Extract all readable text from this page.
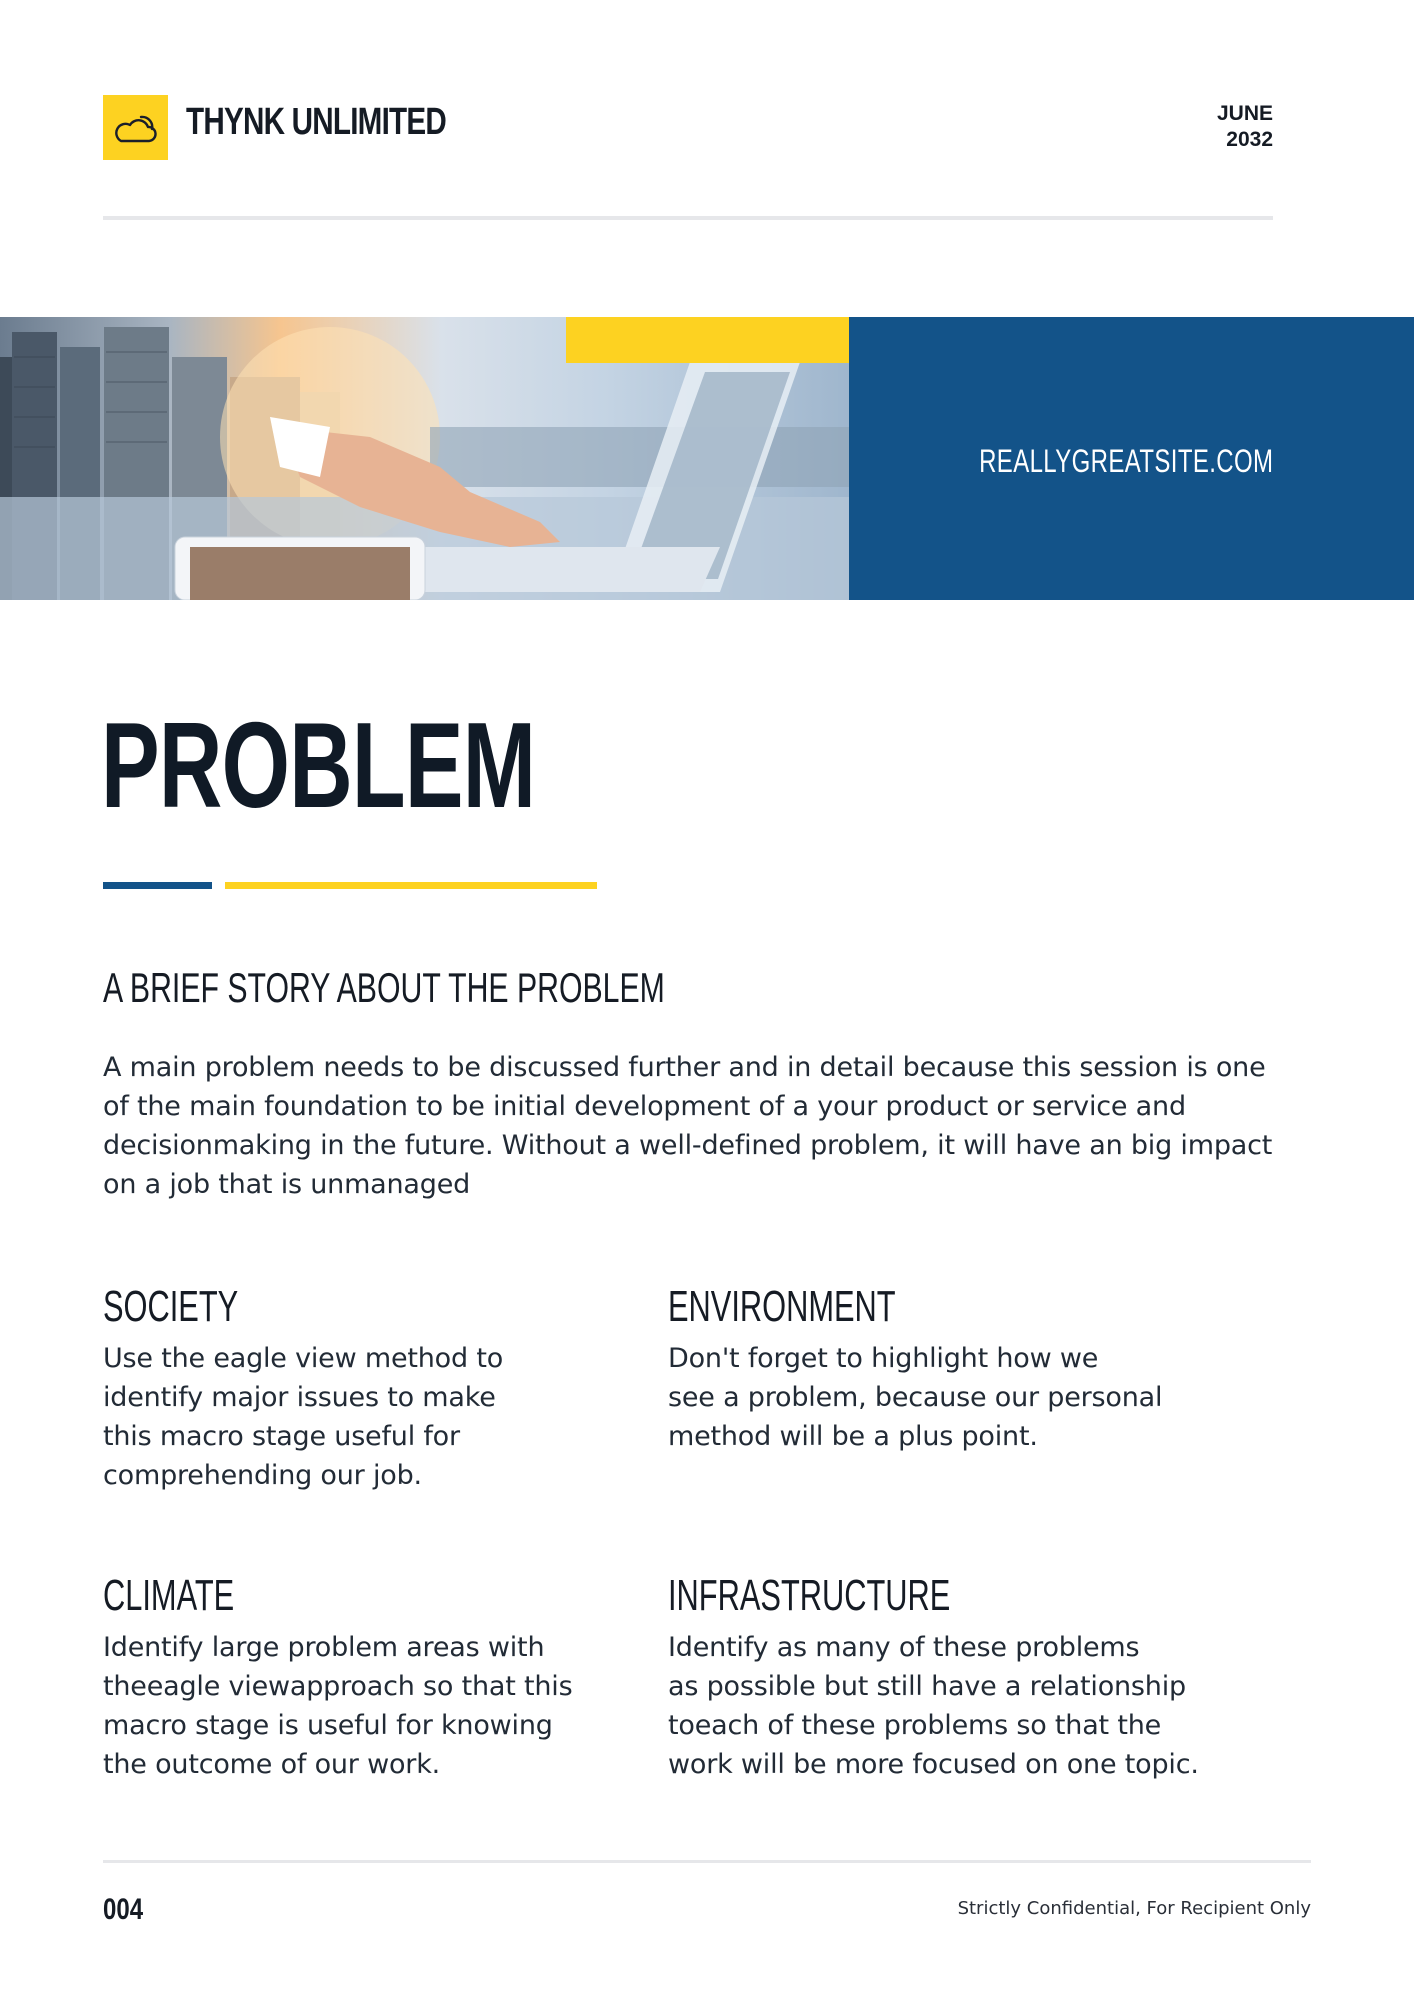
THYNK UNLIMITED	JUNE
2032
REALLYGREATSITE.COM
PROBLEM
A BRIEF STORY ABOUT THE PROBLEM
A main problem needs to be discussed further and in detail because this session is one of the main foundation to be initial development of a your product or service and decisionmaking in the future. Without a well-defined problem, it will have an big impact on a job that is unmanaged
SOCIETY
Use the eagle view method to
identify major issues to make
this macro stage useful for
comprehending our job.
ENVIRONMENT
Don't forget to highlight how we
see a problem, because our personal
method will be a plus point.
CLIMATE
Identify large problem areas with
theeagle viewapproach so that this
macro stage is useful for knowing
the outcome of our work.
INFRASTRUCTURE
Identify as many of these problems
as possible but still have a relationship
toeach of these problems so that the
work will be more focused on one topic.
004	Strictly Confidential, For Recipient Only
